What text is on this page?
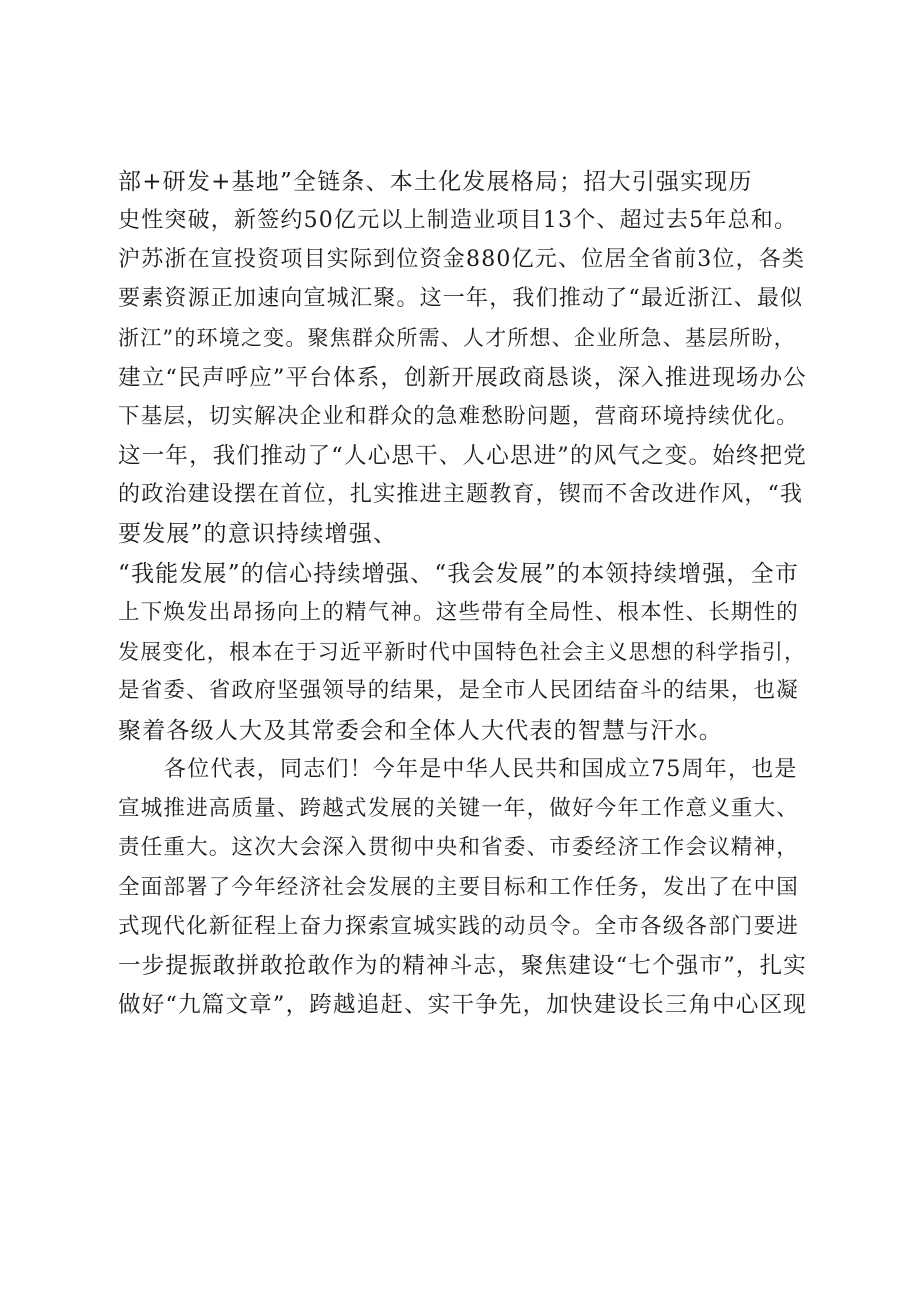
部+研发+基地”全链条、本土化发展格局；招大引强实现历
史性突破，新签约50亿元以上制造业项目13个、超过去5年总和。
沪苏浙在宣投资项目实际到位资金880亿元、位居全省前3位，各类
要素资源正加速向宣城汇聚。这一年，我们推动了“最近浙江、最似
浙江”的环境之变。聚焦群众所需、人才所想、企业所急、基层所盼，
建立“民声呼应”平台体系，创新开展政商恳谈，深入推进现场办公
下基层，切实解决企业和群众的急难愁盼问题，营商环境持续优化。
这一年，我们推动了“人心思干、人心思进”的风气之变。始终把党
的政治建设摆在首位，扎实推进主题教育，锲而不舍改进作风，“我
要发展”的意识持续增强、
“我能发展”的信心持续增强、“我会发展”的本领持续增强，全市
上下焕发出昂扬向上的精气神。这些带有全局性、根本性、长期性的
发展变化，根本在于习近平新时代中国特色社会主义思想的科学指引，
是省委、省政府坚强领导的结果，是全市人民团结奋斗的结果，也凝
聚着各级人大及其常委会和全体人大代表的智慧与汗水。
各位代表，同志们！今年是中华人民共和国成立75周年，也是
宣城推进高质量、跨越式发展的关键一年，做好今年工作意义重大、
责任重大。这次大会深入贯彻中央和省委、市委经济工作会议精神，
全面部署了今年经济社会发展的主要目标和工作任务，发出了在中国
式现代化新征程上奋力探索宣城实践的动员令。全市各级各部门要进
一步提振敢拼敢抢敢作为的精神斗志，聚焦建设“七个强市”，扎实
做好“九篇文章”，跨越追赶、实干争先，加快建设长三角中心区现
